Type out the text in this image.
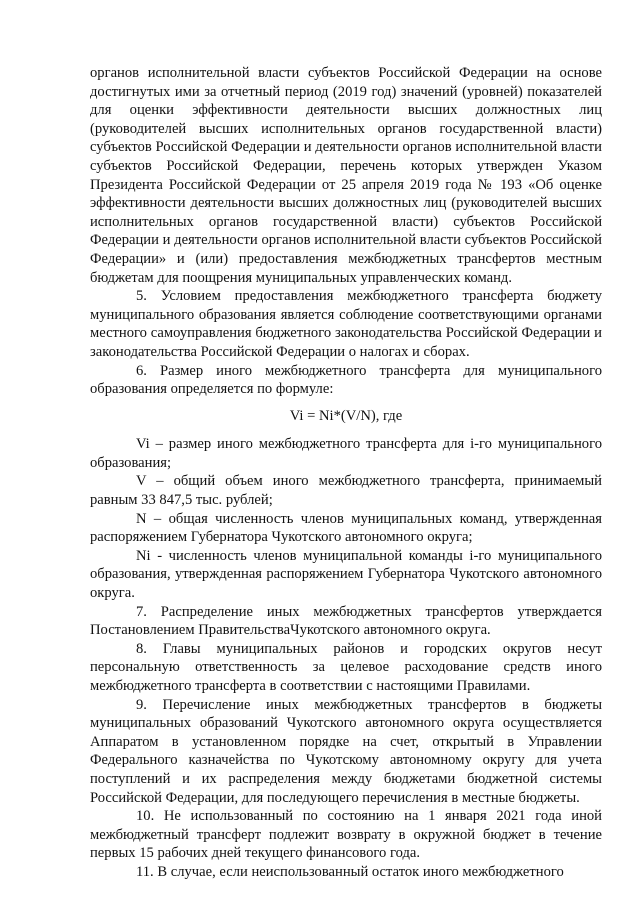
органов исполнительной власти субъектов Российской Федерации на основе достигнутых ими за отчетный период (2019 год) значений (уровней) показателей для оценки эффективности деятельности высших должностных лиц (руководителей высших исполнительных органов государственной власти) субъектов Российской Федерации и деятельности органов исполнительной власти субъектов Российской Федерации, перечень которых утвержден Указом Президента Российской Федерации от 25 апреля 2019 года № 193 «Об оценке эффективности деятельности высших должностных лиц (руководителей высших исполнительных органов государственной власти) субъектов Российской Федерации и деятельности органов исполнительной власти субъектов Российской Федерации» и (или) предоставления межбюджетных трансфертов местным бюджетам для поощрения муниципальных управленческих команд.

5. Условием предоставления межбюджетного трансферта бюджету муниципального образования является соблюдение соответствующими органами местного самоуправления бюджетного законодательства Российской Федерации и законодательства Российской Федерации о налогах и сборах.

6. Размер иного межбюджетного трансферта для муниципального образования определяется по формуле:

Vi = Ni*(V/N), где

Vi – размер иного межбюджетного трансферта для i-го муниципального образования;

V – общий объем иного межбюджетного трансферта, принимаемый равным 33 847,5 тыс. рублей;

N – общая численность членов муниципальных команд, утвержденная распоряжением Губернатора Чукотского автономного округа;

Ni - численность членов муниципальной команды i-го муниципального образования, утвержденная распоряжением Губернатора Чукотского автономного округа.

7. Распределение иных межбюджетных трансфертов утверждается Постановлением ПравительстваЧукотского автономного округа.

8. Главы муниципальных районов и городских округов несут персональную ответственность за целевое расходование средств иного межбюджетного трансферта в соответствии с настоящими Правилами.

9. Перечисление иных межбюджетных трансфертов в бюджеты муниципальных образований Чукотского автономного округа осуществляется Аппаратом в установленном порядке на счет, открытый в Управлении Федерального казначейства по Чукотскому автономному округу для учета поступлений и их распределения между бюджетами бюджетной системы Российской Федерации, для последующего перечисления в местные бюджеты.

10. Не использованный по состоянию на 1 января 2021 года иной межбюджетный трансферт подлежит возврату в окружной бюджет в течение первых 15 рабочих дней текущего финансового года.

11. В случае, если неиспользованный остаток иного межбюджетного
